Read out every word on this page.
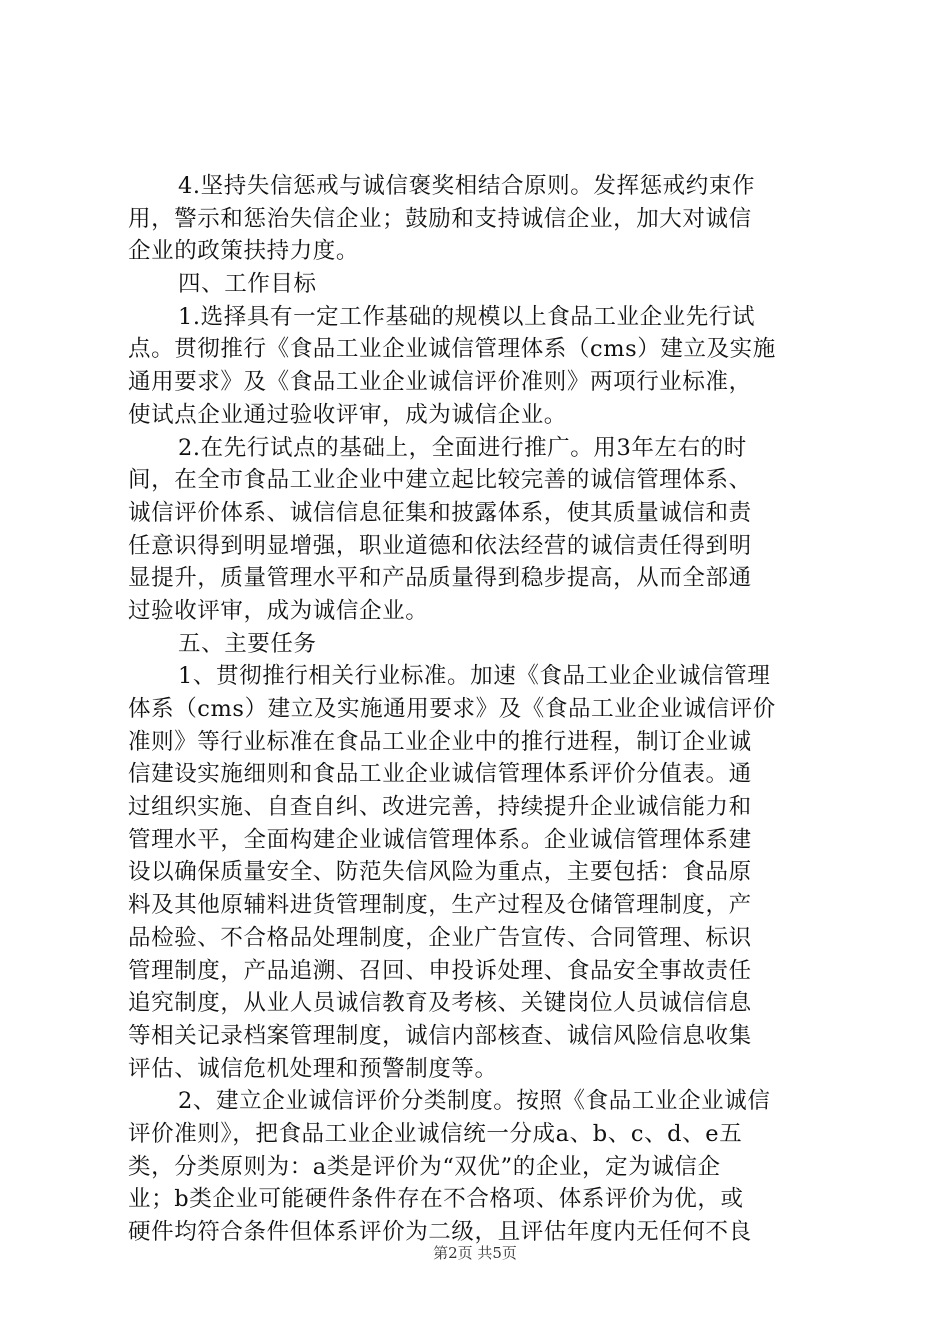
4.坚持失信惩戒与诚信褒奖相结合原则。发挥惩戒约束作
用，警示和惩治失信企业；鼓励和支持诚信企业，加大对诚信
企业的政策扶持力度。
四、工作目标
1.选择具有一定工作基础的规模以上食品工业企业先行试
点。贯彻推行《食品工业企业诚信管理体系（cms）建立及实施
通用要求》及《食品工业企业诚信评价准则》两项行业标准，
使试点企业通过验收评审，成为诚信企业。
2.在先行试点的基础上，全面进行推广。用3年左右的时
间，在全市食品工业企业中建立起比较完善的诚信管理体系、
诚信评价体系、诚信信息征集和披露体系，使其质量诚信和责
任意识得到明显增强，职业道德和依法经营的诚信责任得到明
显提升，质量管理水平和产品质量得到稳步提高，从而全部通
过验收评审，成为诚信企业。
五、主要任务
1、贯彻推行相关行业标准。加速《食品工业企业诚信管理
体系（cms）建立及实施通用要求》及《食品工业企业诚信评价
准则》等行业标准在食品工业企业中的推行进程，制订企业诚
信建设实施细则和食品工业企业诚信管理体系评价分值表。通
过组织实施、自查自纠、改进完善，持续提升企业诚信能力和
管理水平，全面构建企业诚信管理体系。企业诚信管理体系建
设以确保质量安全、防范失信风险为重点，主要包括：食品原
料及其他原辅料进货管理制度，生产过程及仓储管理制度，产
品检验、不合格品处理制度，企业广告宣传、合同管理、标识
管理制度，产品追溯、召回、申投诉处理、食品安全事故责任
追究制度，从业人员诚信教育及考核、关键岗位人员诚信信息
等相关记录档案管理制度，诚信内部核查、诚信风险信息收集
评估、诚信危机处理和预警制度等。
2、建立企业诚信评价分类制度。按照《食品工业企业诚信
评价准则》，把食品工业企业诚信统一分成a、b、c、d、e五
类，分类原则为：a类是评价为“双优”的企业，定为诚信企
业；b类企业可能硬件条件存在不合格项、体系评价为优，或
硬件均符合条件但体系评价为二级，且评估年度内无任何不良
第2页 共5页
